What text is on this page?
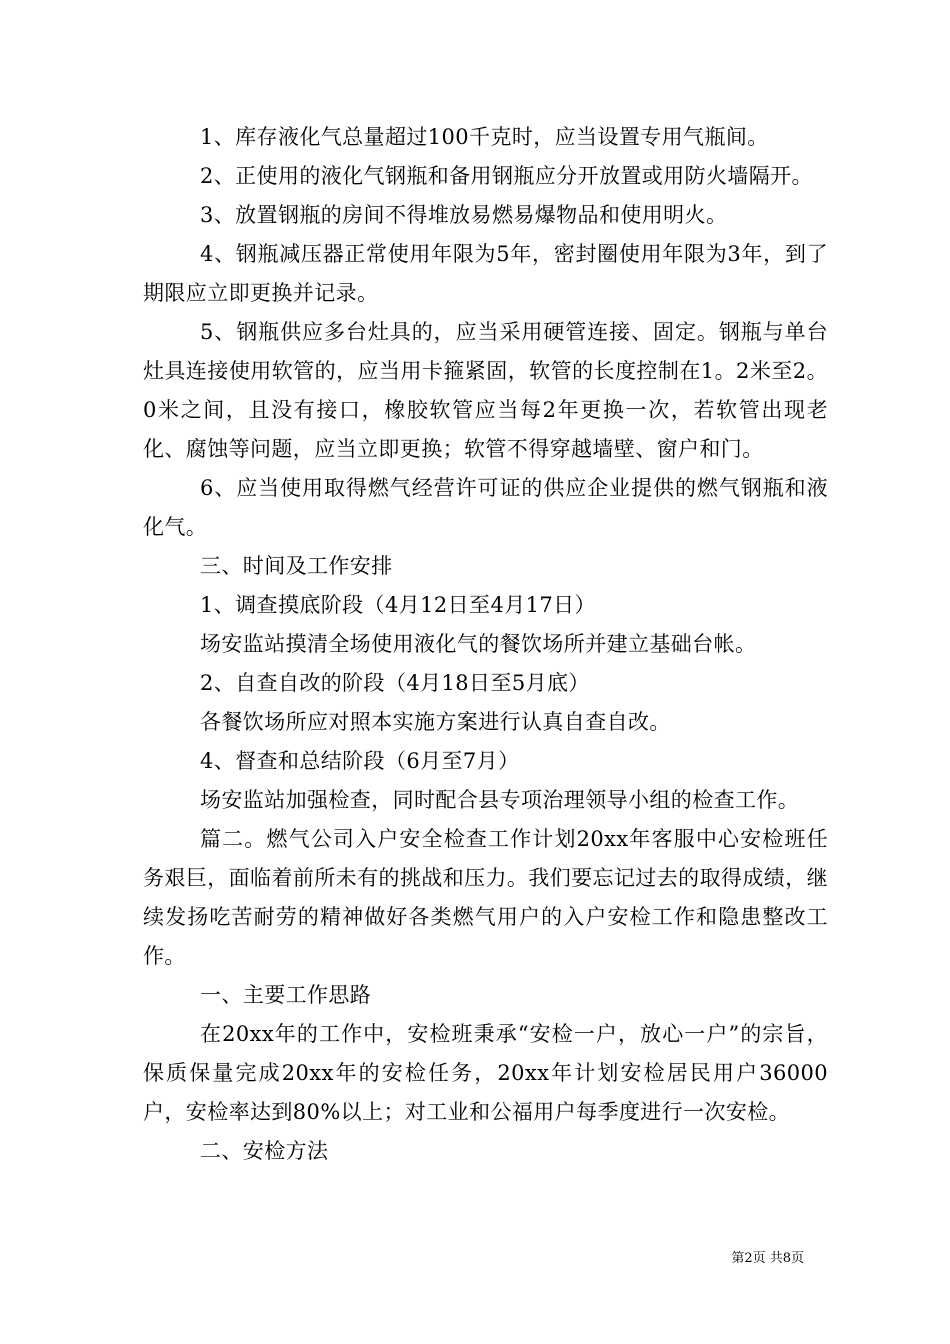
1、库存液化气总量超过100千克时，应当设置专用气瓶间。

2、正使用的液化气钢瓶和备用钢瓶应分开放置或用防火墙隔开。

3、放置钢瓶的房间不得堆放易燃易爆物品和使用明火。

4、钢瓶减压器正常使用年限为5年，密封圈使用年限为3年，到了期限应立即更换并记录。

5、钢瓶供应多台灶具的，应当采用硬管连接、固定。钢瓶与单台灶具连接使用软管的，应当用卡箍紧固，软管的长度控制在1。2米至2。0米之间，且没有接口，橡胶软管应当每2年更换一次，若软管出现老化、腐蚀等问题，应当立即更换；软管不得穿越墙壁、窗户和门。

6、应当使用取得燃气经营许可证的供应企业提供的燃气钢瓶和液化气。

三、时间及工作安排

1、调查摸底阶段（4月12日至4月17日）

场安监站摸清全场使用液化气的餐饮场所并建立基础台帐。

2、自查自改的阶段（4月18日至5月底）

各餐饮场所应对照本实施方案进行认真自查自改。

4、督查和总结阶段（6月至7月）

场安监站加强检查，同时配合县专项治理领导小组的检查工作。

篇二。燃气公司入户安全检查工作计划20xx年客服中心安检班任务艰巨，面临着前所未有的挑战和压力。我们要忘记过去的取得成绩，继续发扬吃苦耐劳的精神做好各类燃气用户的入户安检工作和隐患整改工作。

一、主要工作思路

在20xx年的工作中，安检班秉承“安检一户，放心一户”的宗旨，保质保量完成20xx年的安检任务，20xx年计划安检居民用户36000户，安检率达到80%以上；对工业和公福用户每季度进行一次安检。

二、安检方法

第2页 共8页
